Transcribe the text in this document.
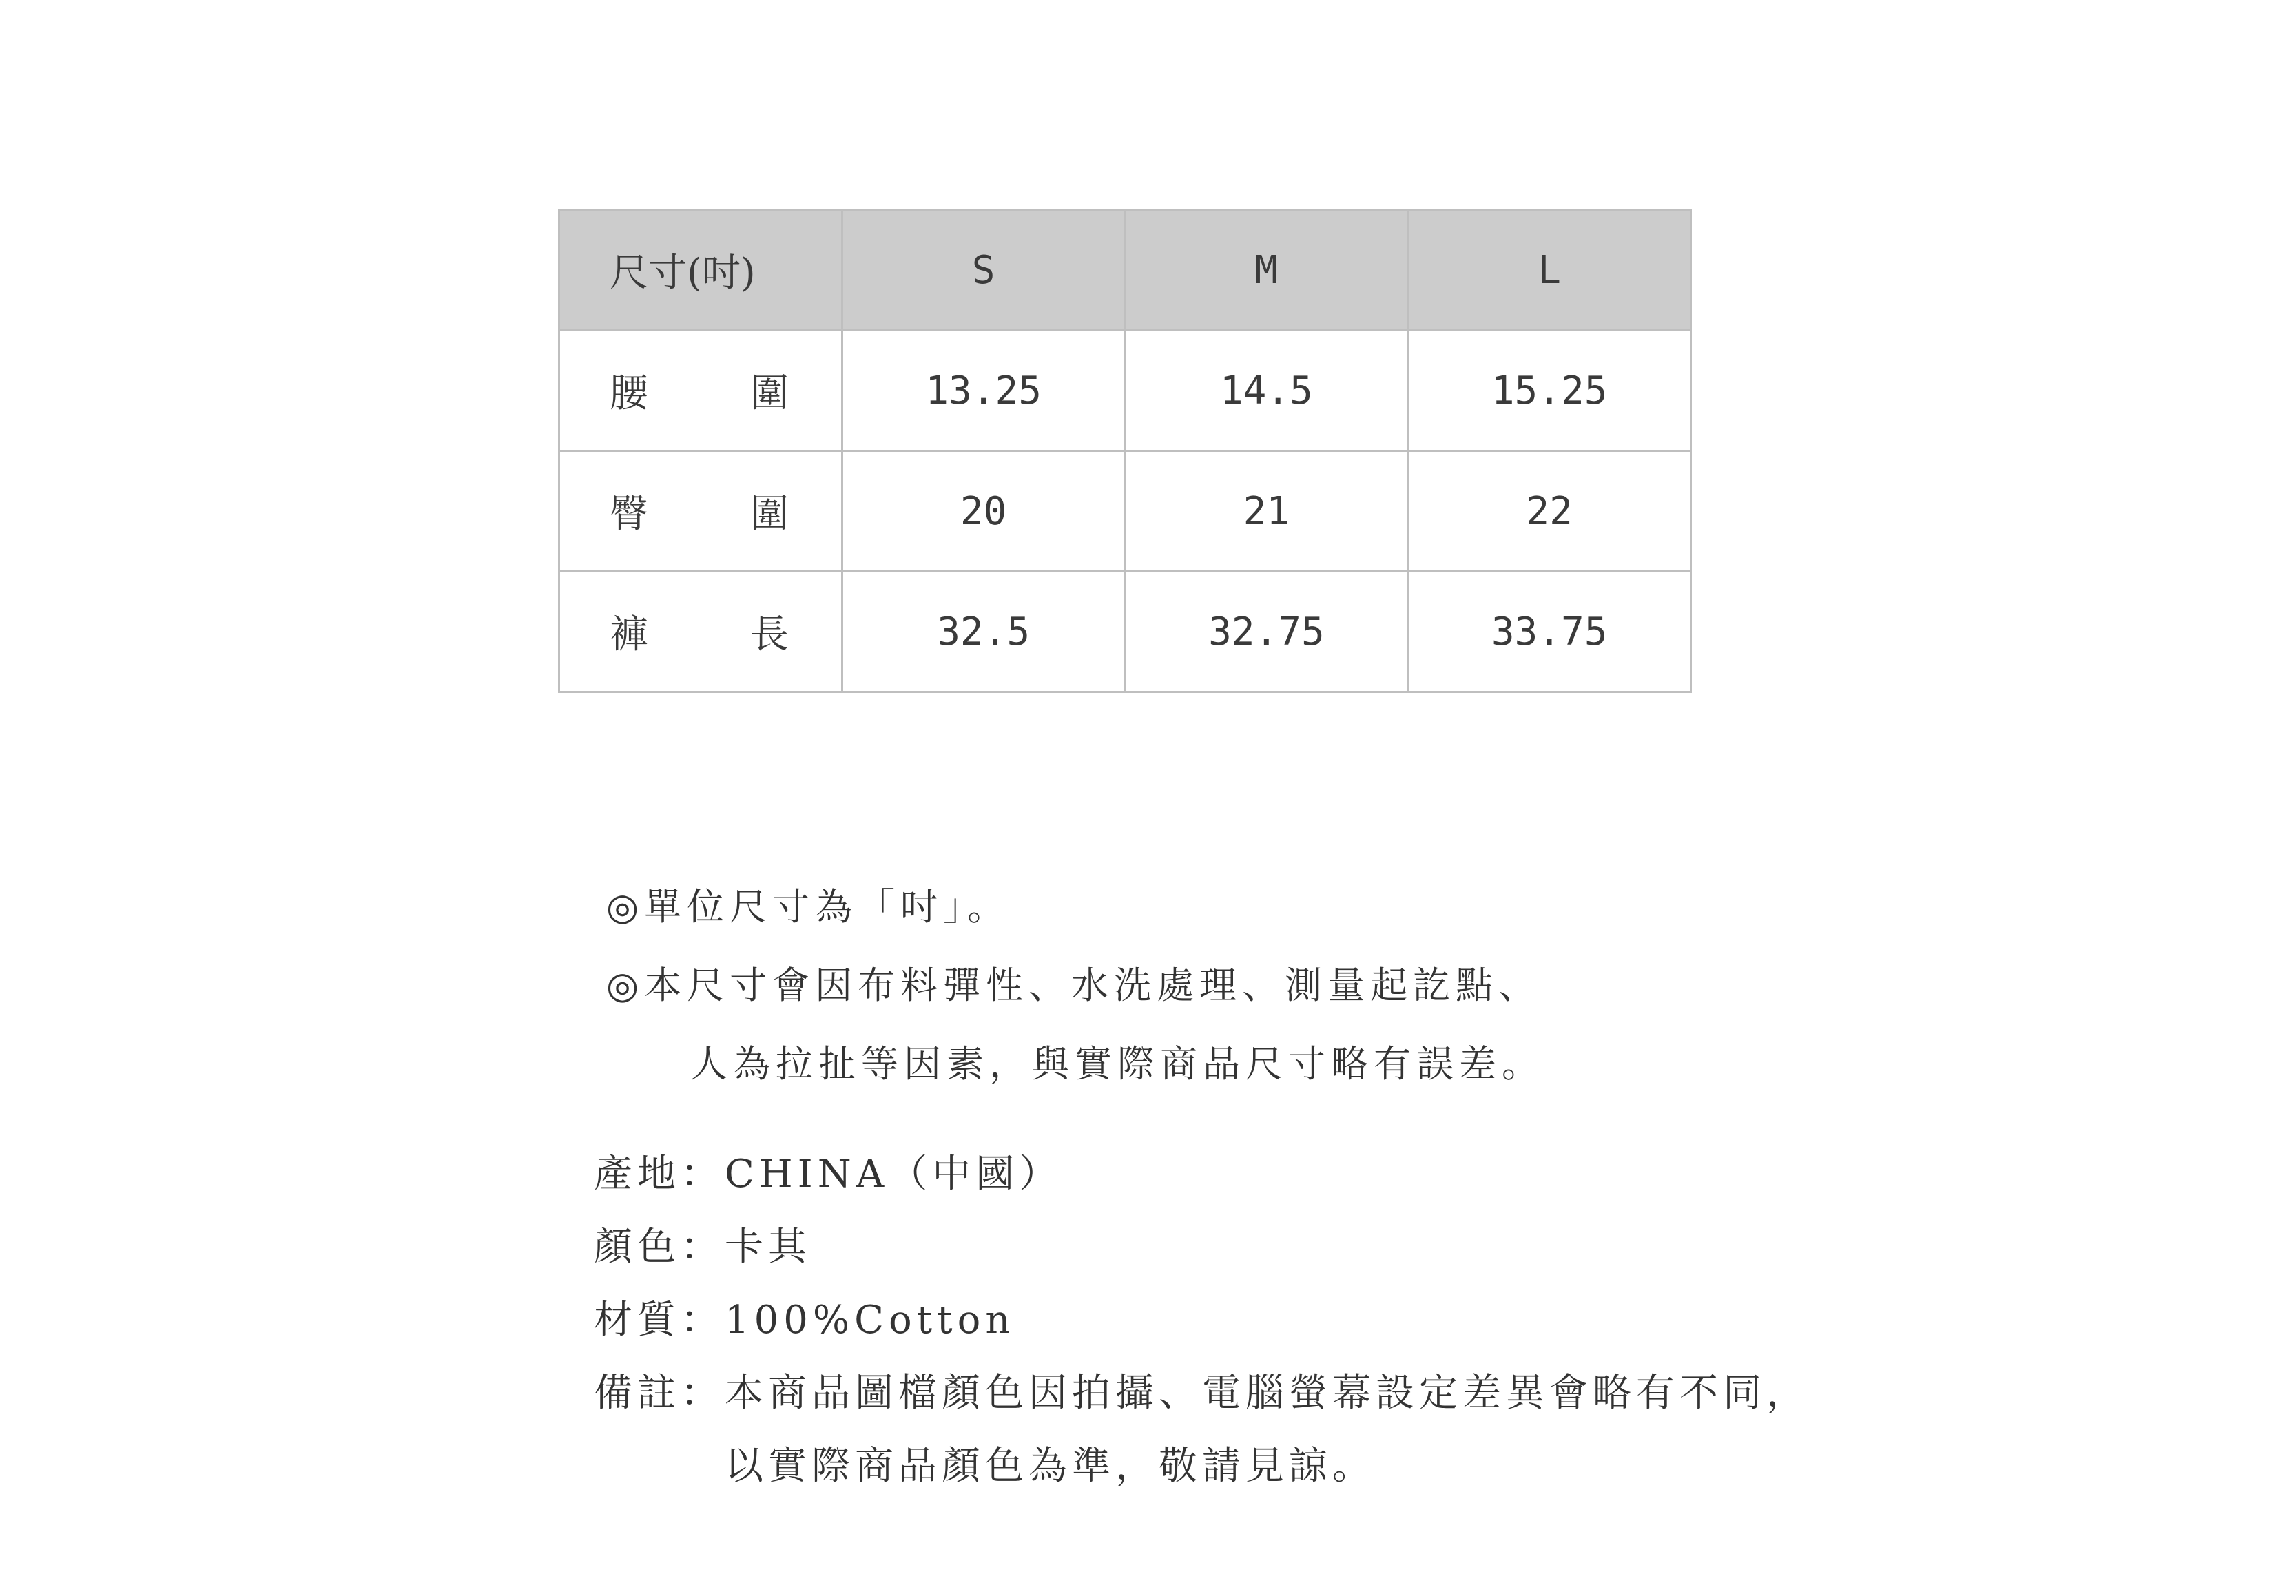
尺寸(吋)	S	M	L

腰 圍	13.25	14.5	15.25

臀 圍	20	21	22

褲 長	32.5	32.75	33.75
◎單位尺寸為「吋」。
◎本尺寸會因布料彈性、水洗處理、測量起訖點、
人為拉扯等因素，與實際商品尺寸略有誤差。
產地： CHINA（中國）
顏色： 卡其
材質： 100%Cotton
備註： 本商品圖檔顏色因拍攝、電腦螢幕設定差異會略有不同，
以實際商品顏色為準，敬請見諒。
